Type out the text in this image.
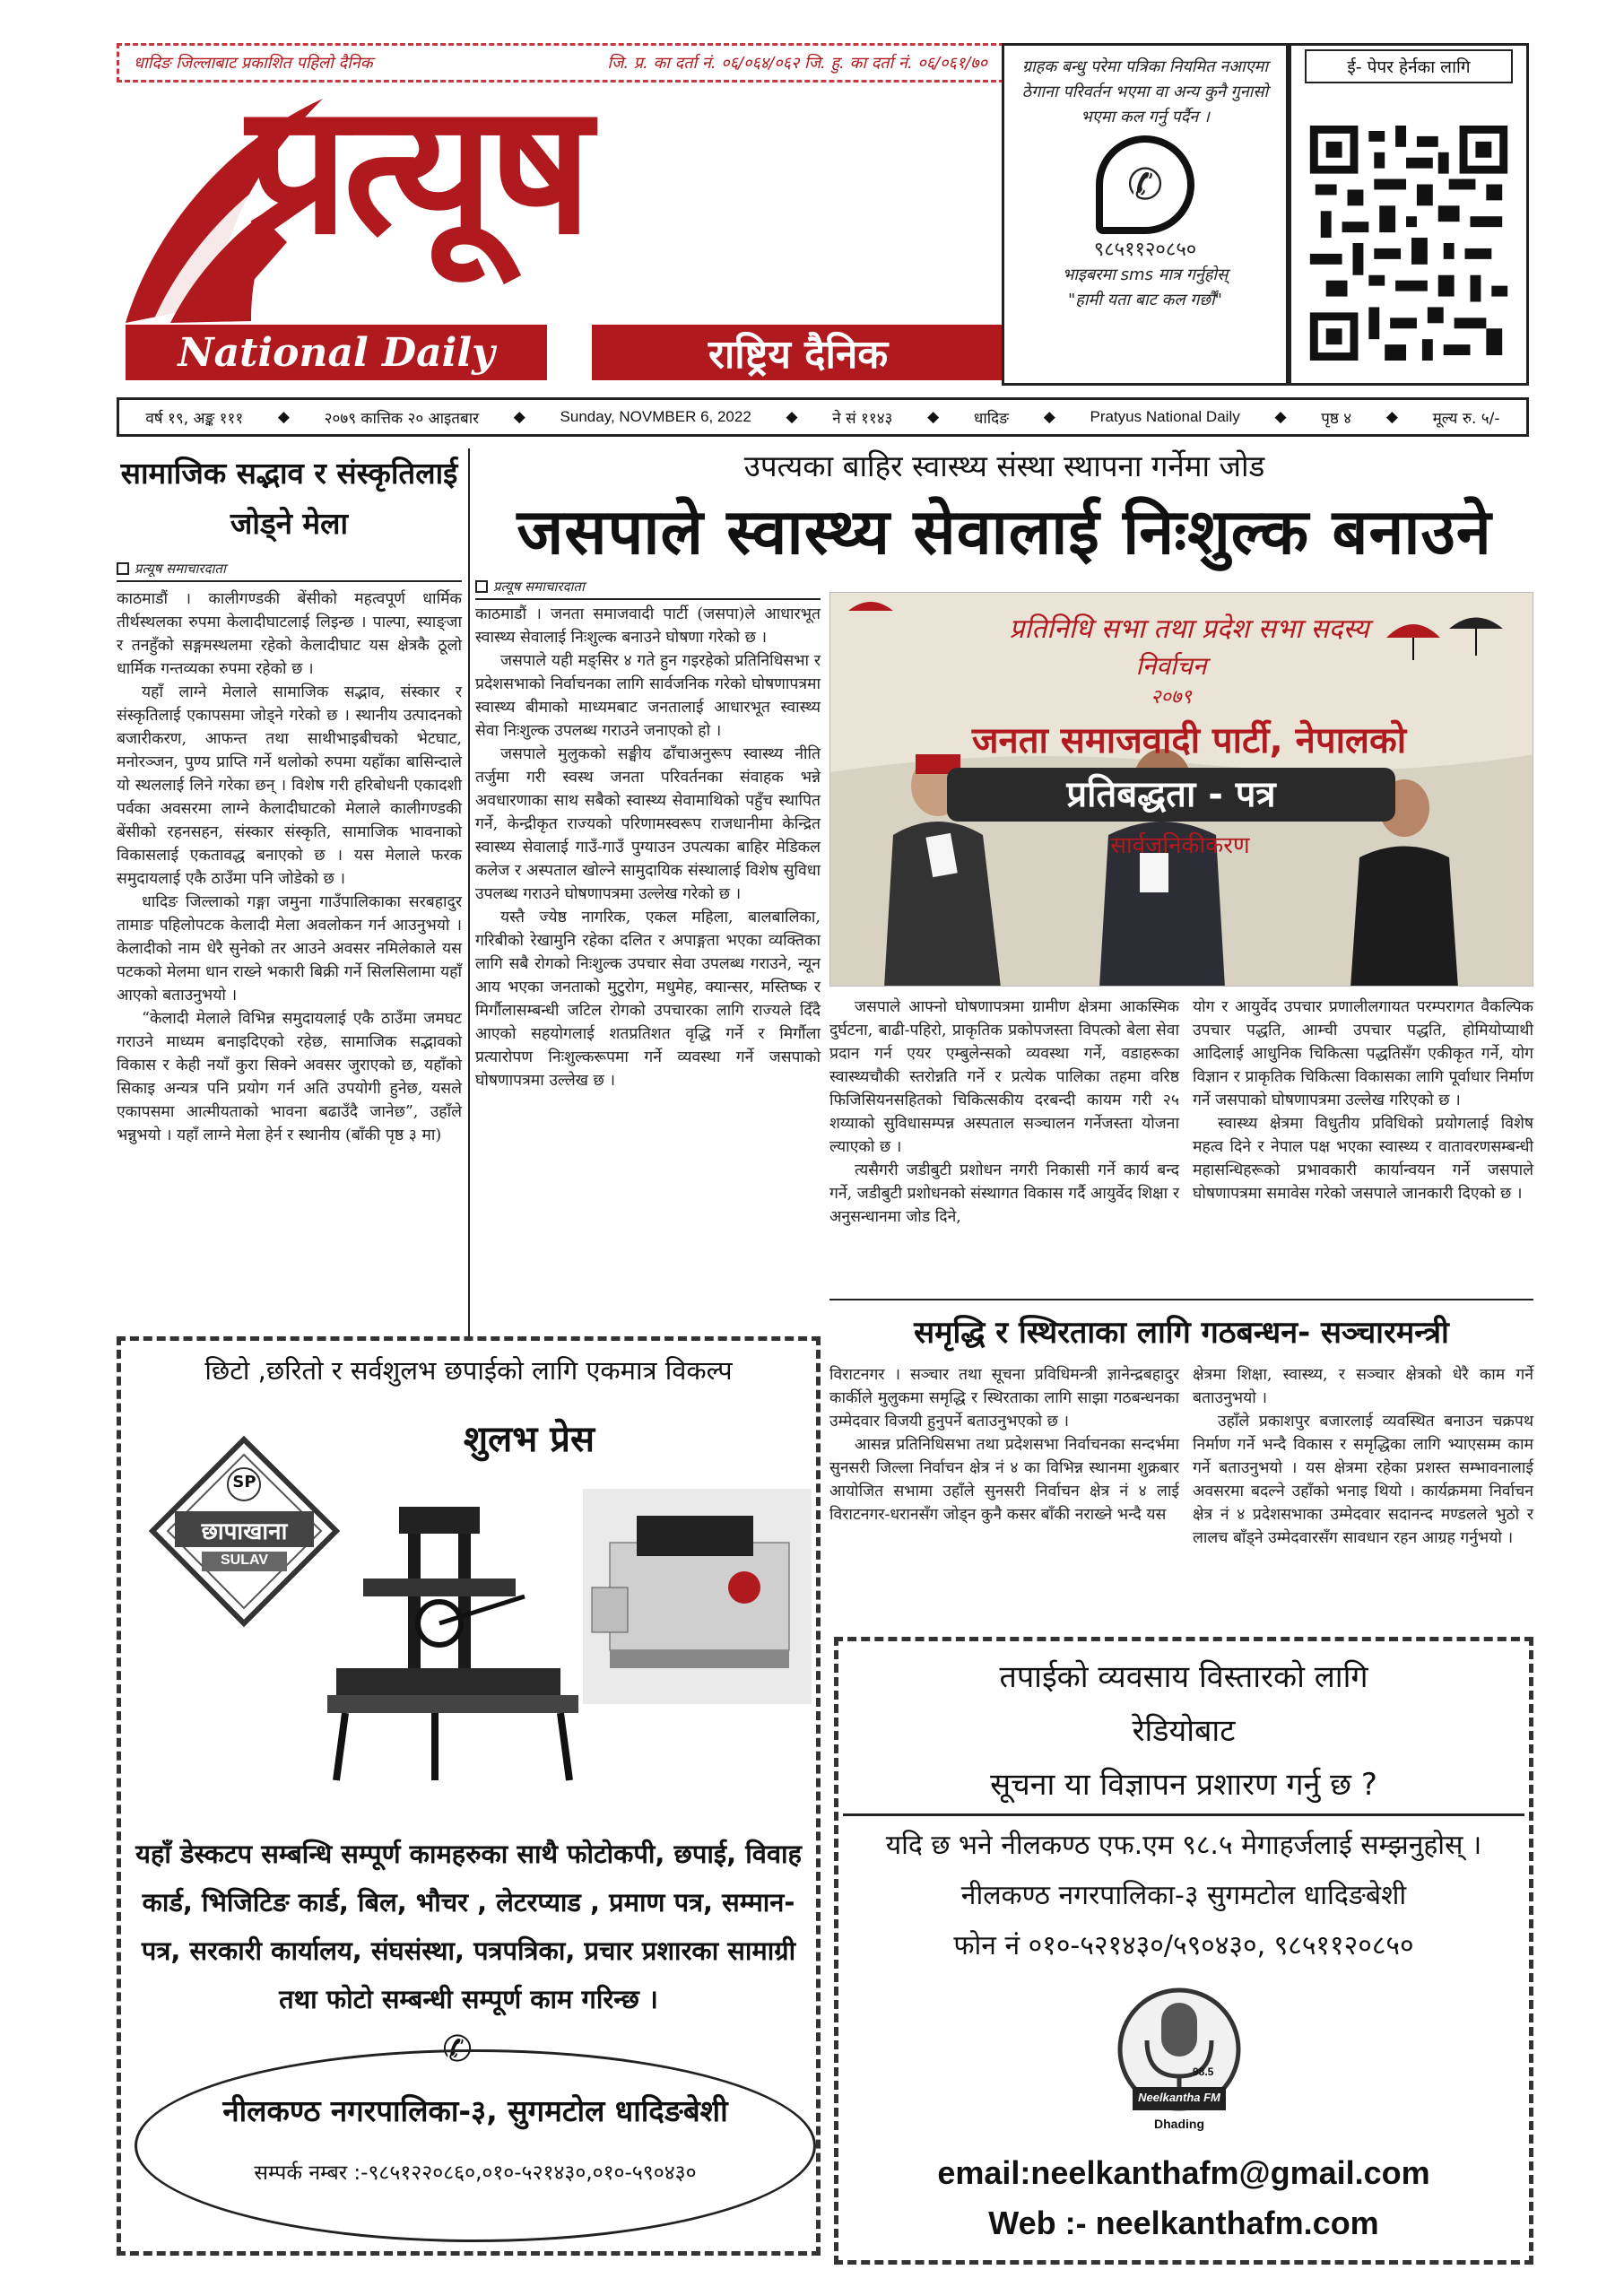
धादिङ जिल्लाबाट प्रकाशित पहिलो दैनिक	जि. प्र. का दर्ता नं. ०६/०६४/०६२ जि. हु. का दर्ता नं. ०६/०६१/७०
प्रत्यूष
National Daily	राष्ट्रिय दैनिक
ग्राहक बन्धु परेमा पत्रिका नियमित नआएमा ठेगाना परिवर्तन भएमा वा अन्य कुनै गुनासो भएमा कल गर्नु पर्दैन ।
✆
९८५११२०८५०
भाइबरमा sms मात्र गर्नुहोस्
"हामी यता बाट कल गर्छौं"
ई- पेपर हेर्नका लागि
वर्ष १९, अङ्क १११ ◆ २०७९ कात्तिक २० आइतबार ◆ Sunday, NOVMBER 6, 2022 ◆ ने सं ११४३ ◆ धादिङ ◆ Pratyus National Daily ◆ पृष्ठ ४ ◆ मूल्य रु. ५/-
सामाजिक सद्भाव र संस्कृतिलाई जोड्ने मेला
प्रत्यूष समाचारदाता

काठमाडौं । कालीगण्डकी बेंसीको महत्वपूर्ण धार्मिक तीर्थस्थलका रुपमा केलादीघाटलाई लिइन्छ । पाल्पा, स्याङ्जा र तनहुँको सङ्गमस्थलमा रहेको केलादीघाट यस क्षेत्रकै ठूलो धार्मिक गन्तव्यका रुपमा रहेको छ ।

यहाँ लाग्ने मेलाले सामाजिक सद्भाव, संस्कार र संस्कृतिलाई एकापसमा जोड्ने गरेको छ । स्थानीय उत्पादनको बजारीकरण, आफन्त तथा साथीभाइबीचको भेटघाट, मनोरञ्जन, पुण्य प्राप्ति गर्ने थलोको रुपमा यहाँका बासिन्दाले यो स्थललाई लिने गरेका छन् । विशेष गरी हरिबोधनी एकादशी पर्वका अवसरमा लाग्ने केलादीघाटको मेलाले कालीगण्डकी बेंसीको रहनसहन, संस्कार संस्कृति, सामाजिक भावनाको विकासलाई एकतावद्ध बनाएको छ । यस मेलाले फरक समुदायलाई एकै ठाउँमा पनि जोडेको छ ।

धादिङ जिल्लाको गङ्गा जमुना गाउँपालिकाका सरबहादुर तामाङ पहिलोपटक केलादी मेला अवलोकन गर्न आउनुभयो । केलादीको नाम धेरै सुनेको तर आउने अवसर नमिलेकाले यस पटकको मेलमा धान राख्ने भकारी बिक्री गर्ने सिलसिलामा यहाँ आएको बताउनुभयो ।

“केलादी मेलाले विभिन्न समुदायलाई एकै ठाउँमा जमघट गराउने माध्यम बनाइदिएको रहेछ, सामाजिक सद्भावको विकास र केही नयाँ कुरा सिक्ने अवसर जुराएको छ, यहाँको सिकाइ अन्यत्र पनि प्रयोग गर्न अति उपयोगी हुनेछ, यसले एकापसमा आत्मीयताको भावना बढाउँदै जानेछ”, उहाँले भन्नुभयो । यहाँ लाग्ने मेला हेर्न र स्थानीय (बाँकी पृष्ठ ३ मा)

उपत्यका बाहिर स्वास्थ्य संस्था स्थापना गर्नेमा जोड
जसपाले स्वास्थ्य सेवालाई निःशुल्क बनाउने
प्रत्यूष समाचारदाता

काठमाडौं । जनता समाजवादी पार्टी (जसपा)ले आधारभूत स्वास्थ्य सेवालाई निःशुल्क बनाउने घोषणा गरेको छ ।

जसपाले यही मङ्सिर ४ गते हुन गइरहेको प्रतिनिधिसभा र प्रदेशसभाको निर्वाचनका लागि सार्वजनिक गरेको घोषणापत्रमा स्वास्थ्य बीमाको माध्यमबाट जनतालाई आधारभूत स्वास्थ्य सेवा निःशुल्क उपलब्ध गराउने जनाएको हो ।

जसपाले मुलुकको सङ्घीय ढाँचाअनुरूप स्वास्थ्य नीति तर्जुमा गरी स्वस्थ जनता परिवर्तनका संवाहक भन्ने अवधारणाका साथ सबैको स्वास्थ्य सेवामाथिको पहुँच स्थापित गर्ने, केन्द्रीकृत राज्यको परिणामस्वरूप राजधानीमा केन्द्रित स्वास्थ्य सेवालाई गाउँ-गाउँ पुग्याउन उपत्यका बाहिर मेडिकल कलेज र अस्पताल खोल्ने सामुदायिक संस्थालाई विशेष सुविधा उपलब्ध गराउने घोषणापत्रमा उल्लेख गरेको छ ।

यस्तै ज्येष्ठ नागरिक, एकल महिला, बालबालिका, गरिबीको रेखामुनि रहेका दलित र अपाङ्गता भएका व्यक्तिका लागि सबै रोगको निःशुल्क उपचार सेवा उपलब्ध गराउने, न्यून आय भएका जनताको मुटुरोग, मधुमेह, क्यान्सर, मस्तिष्क र मिर्गौलासम्बन्धी जटिल रोगको उपचारका लागि राज्यले दिँदै आएको सहयोगलाई शतप्रतिशत वृद्धि गर्ने र मिर्गौला प्रत्यारोपण निःशुल्करूपमा गर्ने व्यवस्था गर्ने जसपाको घोषणापत्रमा उल्लेख छ ।

प्रतिनिधि सभा तथा प्रदेश सभा सदस्य
निर्वाचन
२०७९
जनता समाजवादी पार्टी, नेपालको
प्रतिबद्धता - पत्र
सार्वजनिकीकरण

जसपाले आफ्नो घोषणापत्रमा ग्रामीण क्षेत्रमा आकस्मिक दुर्घटना, बाढी-पहिरो, प्राकृतिक प्रकोपजस्ता विपत्को बेला सेवा प्रदान गर्न एयर एम्बुलेन्सको व्यवस्था गर्ने, वडाहरूका स्वास्थ्यचौकी स्तरोन्नति गर्ने र प्रत्येक पालिका तहमा वरिष्ठ फिजिसियनसहितको चिकित्सकीय दरबन्दी कायम गरी २५ शय्याको सुविधासम्पन्न अस्पताल सञ्चालन गर्नेजस्ता योजना ल्याएको छ ।

त्यसैगरी जडीबुटी प्रशोधन नगरी निकासी गर्ने कार्य बन्द गर्ने, जडीबुटी प्रशोधनको संस्थागत विकास गर्दै आयुर्वेद शिक्षा र अनुसन्धानमा जोड दिने,

योग र आयुर्वेद उपचार प्रणालीलगायत परम्परागत वैकल्पिक उपचार पद्धति, आम्ची उपचार पद्धति, होमियोप्याथी आदिलाई आधुनिक चिकित्सा पद्धतिसँग एकीकृत गर्ने, योग विज्ञान र प्राकृतिक चिकित्सा विकासका लागि पूर्वाधार निर्माण गर्ने जसपाको घोषणापत्रमा उल्लेख गरिएको छ ।

स्वास्थ्य क्षेत्रमा विधुतीय प्रविधिको प्रयोगलाई विशेष महत्व दिने र नेपाल पक्ष भएका स्वास्थ्य र वातावरणसम्बन्धी महासन्धिहरूको प्रभावकारी कार्यान्वयन गर्ने जसपाले घोषणापत्रमा समावेस गरेको जसपाले जानकारी दिएको छ ।

समृद्धि र स्थिरताका लागि गठबन्धन- सञ्चारमन्त्री

विराटनगर । सञ्चार तथा सूचना प्रविधिमन्त्री ज्ञानेन्द्रबहादुर कार्कीले मुलुकमा समृद्धि र स्थिरताका लागि साझा गठबन्धनका उम्मेदवार विजयी हुनुपर्ने बताउनुभएको छ ।

आसन्न प्रतिनिधिसभा तथा प्रदेशसभा निर्वाचनका सन्दर्भमा सुनसरी जिल्ला निर्वाचन क्षेत्र नं ४ का विभिन्न स्थानमा शुक्रबार आयोजित सभामा उहाँले सुनसरी निर्वाचन क्षेत्र नं ४ लाई विराटनगर-धरानसँग जोड्न कुनै कसर बाँकी नराख्ने भन्दै यस

क्षेत्रमा शिक्षा, स्वास्थ्य, र सञ्चार क्षेत्रको धेरै काम गर्ने बताउनुभयो ।

उहाँले प्रकाशपुर बजारलाई व्यवस्थित बनाउन चक्रपथ निर्माण गर्ने भन्दै विकास र समृद्धिका लागि भ्याएसम्म काम गर्ने बताउनुभयो । यस क्षेत्रमा रहेका प्रशस्त सम्भावनालाई अवसरमा बदल्ने उहाँको भनाइ थियो । कार्यक्रममा निर्वाचन क्षेत्र नं ४ प्रदेशसभाका उम्मेदवार सदानन्द मण्डलले भुठो र लालच बाँड्ने उम्मेदवारसँग सावधान रहन आग्रह गर्नुभयो ।

छिटो ,छरितो र सर्वशुलभ छपाईको लागि एकमात्र विकल्प
शुलभ प्रेस
SP
छापाखाना
SULAV
यहाँ डेस्कटप सम्बन्धि सम्पूर्ण कामहरुका साथै फोटोकपी, छपाई, विवाह कार्ड, भिजिटिङ कार्ड, बिल, भौचर , लेटरप्याड , प्रमाण पत्र, सम्मान-पत्र, सरकारी कार्यालय, संघसंस्था, पत्रपत्रिका, प्रचार प्रशारका सामाग्री तथा फोटो सम्बन्धी सम्पूर्ण काम गरिन्छ ।
✆
नीलकण्ठ नगरपालिका-३, सुगमटोल धादिङबेशी
सम्पर्क नम्बर :-९८५१२२०८६०,०१०-५२१४३०,०१०-५९०४३०
तपाईको व्यवसाय विस्तारको लागि
रेडियोबाट
सूचना या विज्ञापन प्रशारण गर्नु छ ?
यदि छ भने नीलकण्ठ एफ.एम ९८.५ मेगाहर्जलाई सम्झनुहोस् ।
नीलकण्ठ नगरपालिका-३ सुगमटोल धादिङबेशी
फोन नं ०१०-५२१४३०/५९०४३०, ९८५११२०८५०
98.5
Neelkantha FM
Dhading
email:neelkanthafm@gmail.com
Web :- neelkanthafm.com
